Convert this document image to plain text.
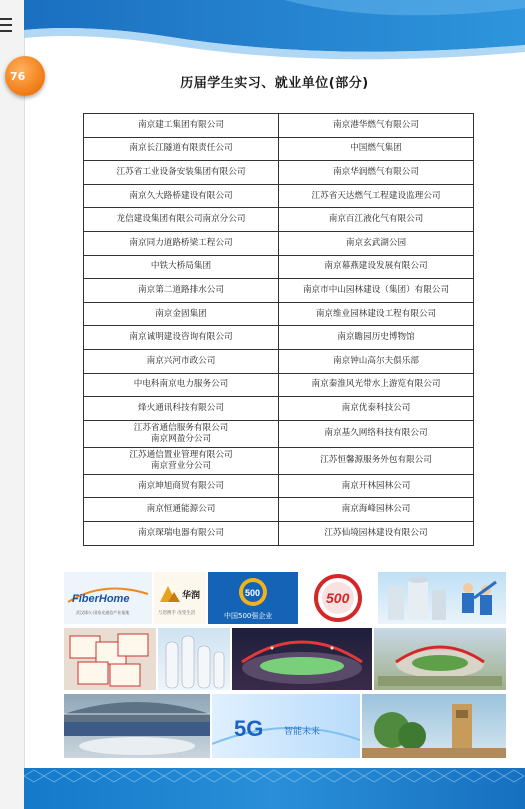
历届学生实习、就业单位(部分)
南京建工集团有限公司	南京港华燃气有限公司
南京长江隧道有限责任公司	中国燃气集团
江苏省工业设备安装集团有限公司	南京华润燃气有限公司
南京久大路桥建设有限公司	江苏省天达燃气工程建设监理公司
龙信建设集团有限公司南京分公司	南京百江液化气有限公司
南京同力道路桥梁工程公司	南京玄武湖公园
中铁大桥局集团	南京幕燕建设发展有限公司
南京第二道路排水公司	南京市中山园林建设（集团）有限公司
南京金固集团	南京维业园林建设工程有限公司
南京诚明建设咨询有限公司	南京瞻园历史博物馆
南京兴河市政公司	南京钟山高尔夫俱乐部
中电科南京电力服务公司	南京秦淮风光带水上游览有限公司
烽火通讯科技有限公司	南京优泰科技公司
江苏省通信服务有限公司
南京网盈分公司	南京基久网络科技有限公司
江苏通信置业管理有限公司
南京营业分公司	江苏恒馨源服务外包有限公司
南京坤旭商贸有限公司	南京开林园林公司
南京恒通能源公司	南京海峰园林公司
南京琛瑞电器有限公司	江苏仙境园林建设有限公司
FiberHome
武汉烽火·国家光通信产业基地
华润
与您携手 改变生活
500
中国500强企业
500
5G 智能未来
76
